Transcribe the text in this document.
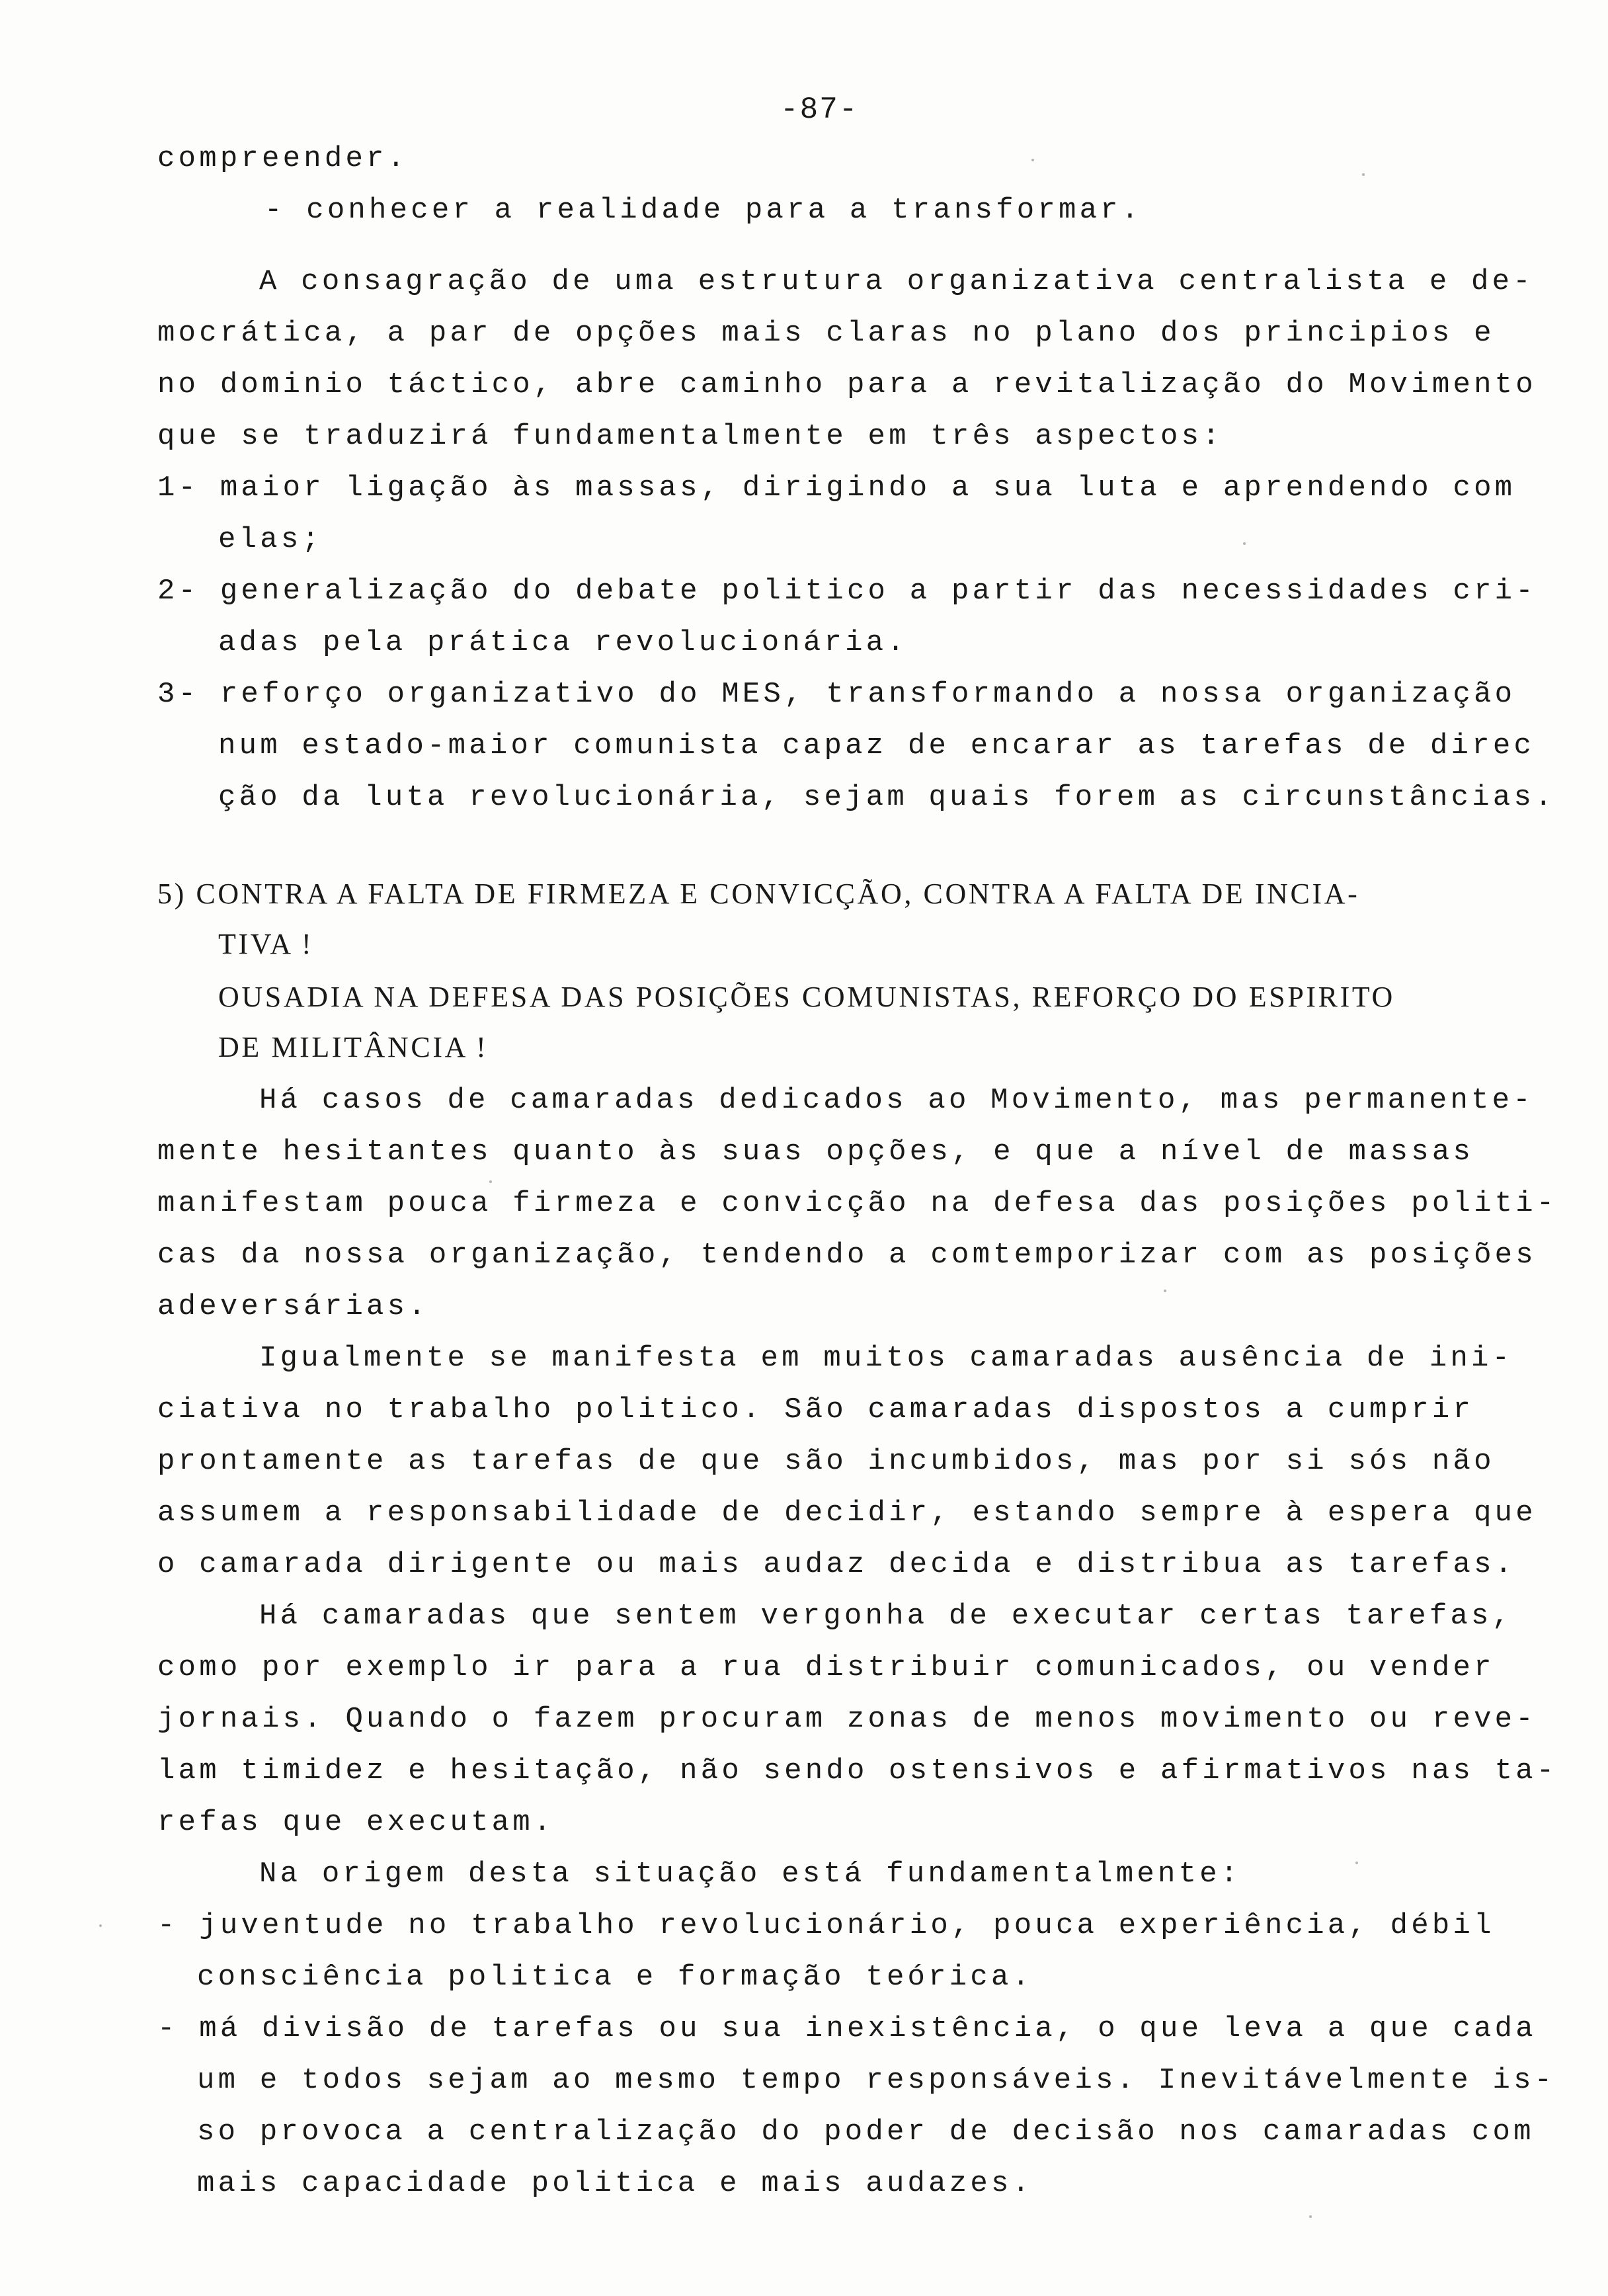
-87-
compreender.
- conhecer a realidade para a transformar.
A consagração de uma estrutura organizativa centralista e de-
mocrática, a par de opções mais claras no plano dos principios e
no dominio táctico, abre caminho para a revitalização do Movimento
que se traduzirá fundamentalmente em três aspectos:
1- maior ligação às massas, dirigindo a sua luta e aprendendo com
elas;
2- generalização do debate politico a partir das necessidades cri-
adas pela prática revolucionária.
3- reforço organizativo do MES, transformando a nossa organização
num estado-maior comunista capaz de encarar as tarefas de direc
ção da luta revolucionária, sejam quais forem as circunstâncias.
5) CONTRA A FALTA DE FIRMEZA E CONVICÇÃO, CONTRA A FALTA DE INCIA-
TIVA !
OUSADIA NA DEFESA DAS POSIÇÕES COMUNISTAS, REFORÇO DO ESPIRITO
DE MILITÂNCIA !
Há casos de camaradas dedicados ao Movimento, mas permanente-
mente hesitantes quanto às suas opções, e que a nível de massas
manifestam pouca firmeza e convicção na defesa das posições politi-
cas da nossa organização, tendendo a comtemporizar com as posições
adeversárias.
Igualmente se manifesta em muitos camaradas ausência de ini-
ciativa no trabalho politico. São camaradas dispostos a cumprir
prontamente as tarefas de que são incumbidos, mas por si sós não
assumem a responsabilidade de decidir, estando sempre à espera que
o camarada dirigente ou mais audaz decida e distribua as tarefas.
Há camaradas que sentem vergonha de executar certas tarefas,
como por exemplo ir para a rua distribuir comunicados, ou vender
jornais. Quando o fazem procuram zonas de menos movimento ou reve-
lam timidez e hesitação, não sendo ostensivos e afirmativos nas ta-
refas que executam.
Na origem desta situação está fundamentalmente:
- juventude no trabalho revolucionário, pouca experiência, débil
consciência politica e formação teórica.
- má divisão de tarefas ou sua inexistência, o que leva a que cada
um e todos sejam ao mesmo tempo responsáveis. Inevitávelmente is-
so provoca a centralização do poder de decisão nos camaradas com
mais capacidade politica e mais audazes.
